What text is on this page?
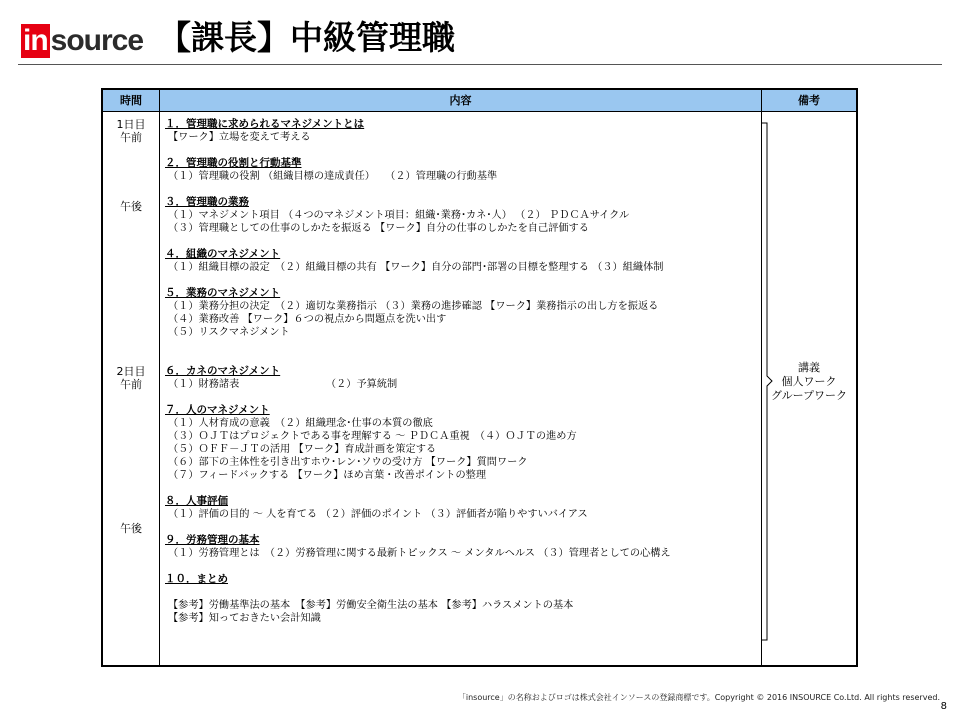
in source 【課長】中級管理職
時間	内容	備考
1日目
午前
午後
2日目
午前
午後
１．管理職に求められるマネジメントとは
【ワーク】立場を変えて考える
２．管理職の役割と行動基準
（１）管理職の役割 （組織目標の達成責任）　　（２）管理職の行動基準
３．管理職の業務
（１）マネジメント項目 （４つのマネジメント項目：組織･業務･カネ･人） （２） ＰＤＣＡサイクル
（３）管理職としての仕事のしかたを振返る 【ワーク】自分の仕事のしかたを自己評価する
４．組織のマネジメント
（１）組織目標の設定　（２）組織目標の共有 【ワーク】自分の部門･部署の目標を整理する （３）組織体制
５．業務のマネジメント
（１）業務分担の決定　（２）適切な業務指示 （３）業務の進捗確認 【ワーク】業務指示の出し方を振返る
（４）業務改善 【ワーク】６つの視点から問題点を洗い出す
（５）リスクマネジメント
６．カネのマネジメント
（１）財務諸表　　　　　　　　　（２）予算統制
７．人のマネジメント
（１）人材育成の意義　（２）組織理念･仕事の本質の徹底
（３）ＯＪＴはプロジェクトである事を理解する ～ ＰＤＣＡ重視　（４）ＯＪＴの進め方
（５）ＯＦＦ－ＪＴの活用 【ワーク】育成計画を策定する
（６）部下の主体性を引き出すホウ･レン･ソウの受け方 【ワーク】質問ワーク
（７）フィードバックする 【ワーク】ほめ言葉・改善ポイントの整理
８．人事評価
（１）評価の目的 ～ 人を育てる （２）評価のポイント （３）評価者が陥りやすいバイアス
９．労務管理の基本
（１）労務管理とは　（２）労務管理に関する最新トピックス ～ メンタルヘルス （３）管理者としての心構え
１０．まとめ
【参考】労働基準法の基本　【参考】労働安全衛生法の基本 【参考】ハラスメントの基本
【参考】知っておきたい会計知識
講義
個人ワーク
グループワーク
「insource」の名称およびロゴは株式会社インソースの登録商標です。Copyright © 2016 INSOURCE Co.Ltd. All rights reserved.
8
